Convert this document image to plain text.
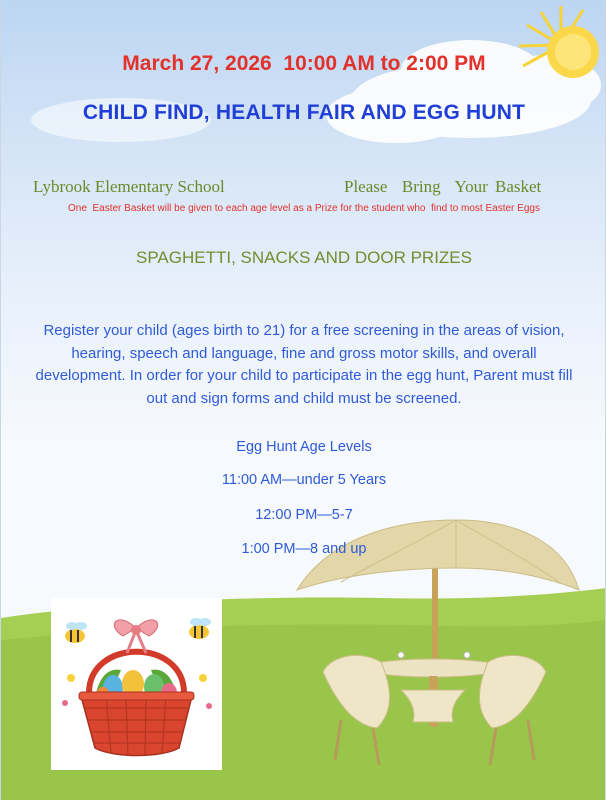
March 27, 2026  10:00 AM to 2:00 PM

CHILD FIND, HEALTH FAIR AND EGG HUNT

Lybrook Elementary School	Please  Bring  Your Basket

One  Easter Basket will be given to each age level as a Prize for the student who  find to most Easter Eggs

SPAGHETTI, SNACKS AND DOOR PRIZES

Register your child (ages birth to 21) for a free screening in the areas of vision, hearing, speech and language, fine and gross motor skills, and overall development. In order for your child to participate in the egg hunt, Parent must fill out and sign forms and child must be screened.

Egg Hunt Age Levels

11:00 AM—under 5 Years

12:00 PM—5-7

1:00 PM—8 and up
